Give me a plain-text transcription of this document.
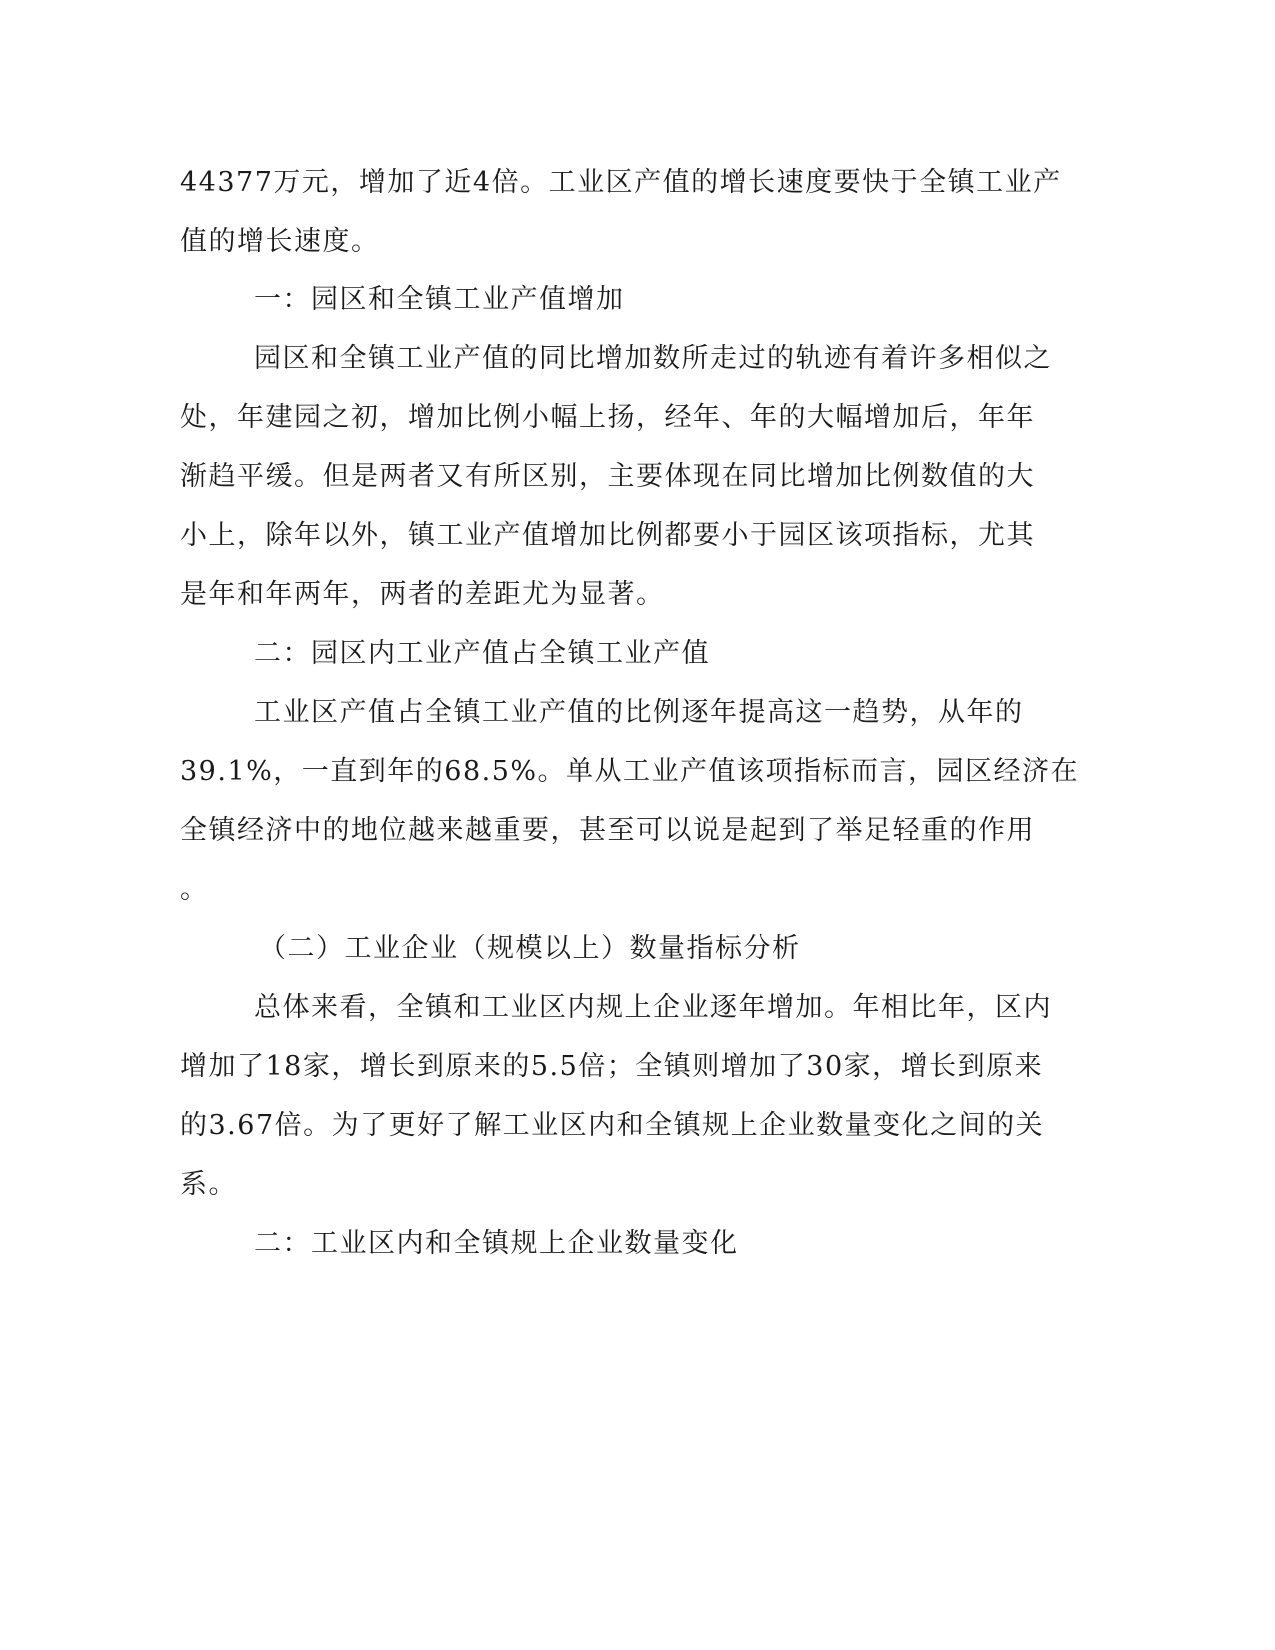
44377万元，增加了近4倍。工业区产值的增长速度要快于全镇工业产
值的增长速度。
一：园区和全镇工业产值增加
园区和全镇工业产值的同比增加数所走过的轨迹有着许多相似之
处，年建园之初，增加比例小幅上扬，经年、年的大幅增加后，年年
渐趋平缓。但是两者又有所区别，主要体现在同比增加比例数值的大
小上，除年以外，镇工业产值增加比例都要小于园区该项指标，尤其
是年和年两年，两者的差距尤为显著。
二：园区内工业产值占全镇工业产值
工业区产值占全镇工业产值的比例逐年提高这一趋势，从年的
39.1%，一直到年的68.5%。单从工业产值该项指标而言，园区经济在
全镇经济中的地位越来越重要，甚至可以说是起到了举足轻重的作用
。
（二）工业企业（规模以上）数量指标分析
总体来看，全镇和工业区内规上企业逐年增加。年相比年，区内
增加了18家，增长到原来的5.5倍；全镇则增加了30家，增长到原来
的3.67倍。为了更好了解工业区内和全镇规上企业数量变化之间的关
系。
二：工业区内和全镇规上企业数量变化
